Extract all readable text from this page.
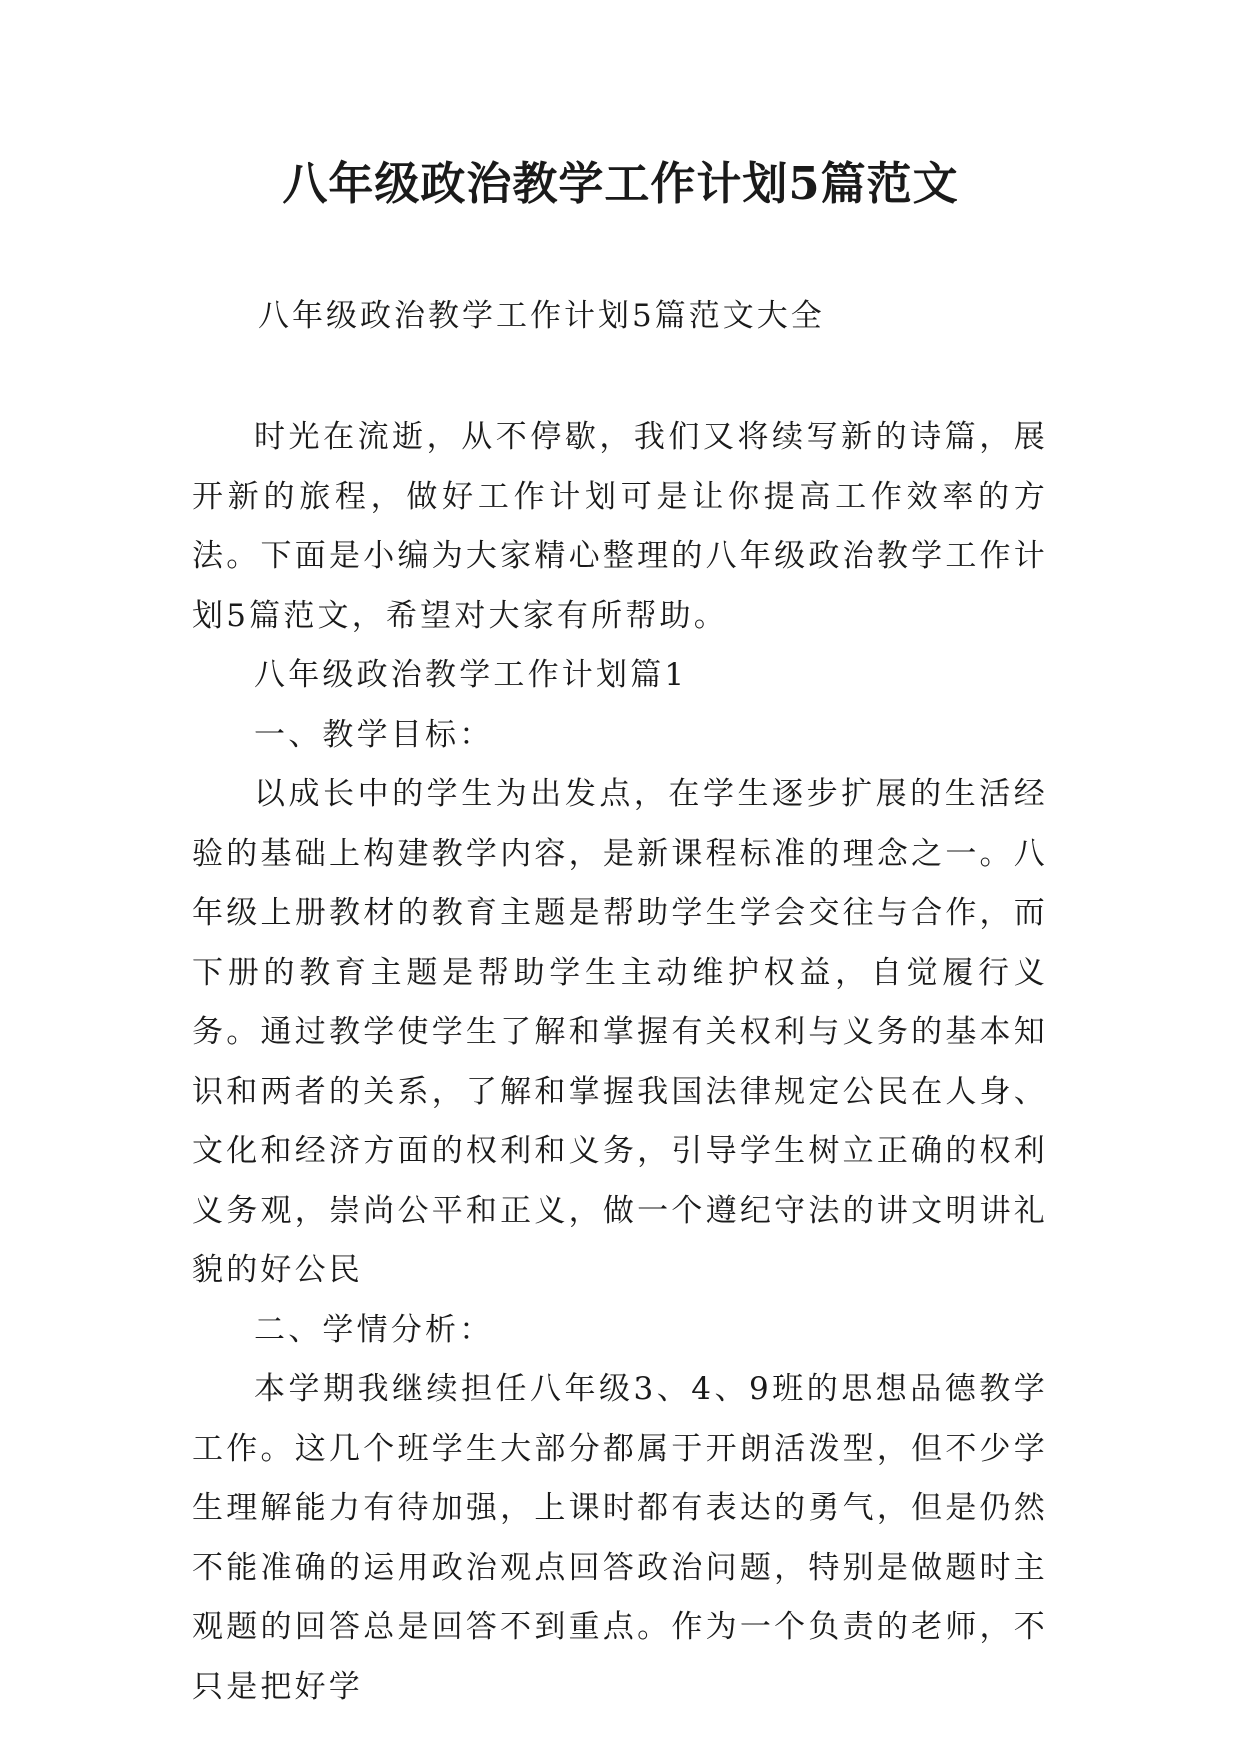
八年级政治教学工作计划5篇范文
八年级政治教学工作计划5篇范文大全

时光在流逝，从不停歇，我们又将续写新的诗篇，展开新的旅程，做好工作计划可是让你提高工作效率的方法。下面是小编为大家精心整理的八年级政治教学工作计划5篇范文，希望对大家有所帮助。

八年级政治教学工作计划篇1

一、教学目标：

以成长中的学生为出发点，在学生逐步扩展的生活经验的基础上构建教学内容，是新课程标准的理念之一。八年级上册教材的教育主题是帮助学生学会交往与合作，而下册的教育主题是帮助学生主动维护权益，自觉履行义务。通过教学使学生了解和掌握有关权利与义务的基本知识和两者的关系，了解和掌握我国法律规定公民在人身、文化和经济方面的权利和义务，引导学生树立正确的权利义务观，崇尚公平和正义，做一个遵纪守法的讲文明讲礼貌的好公民

二、学情分析：

本学期我继续担任八年级3、4、9班的思想品德教学工作。这几个班学生大部分都属于开朗活泼型，但不少学生理解能力有待加强，上课时都有表达的勇气，但是仍然不能准确的运用政治观点回答政治问题，特别是做题时主观题的回答总是回答不到重点。作为一个负责的老师，不只是把好学
